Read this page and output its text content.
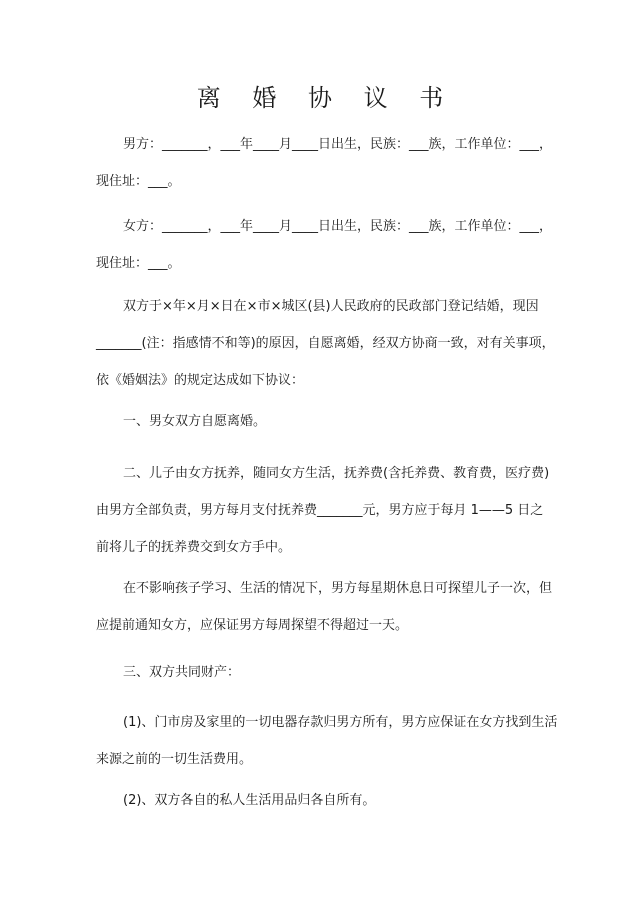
离 婚 协 议 书
男方：_______，___年____月____日出生，民族：___族，工作单位：___，
现住址：___。
女方：_______，___年____月____日出生，民族：___族，工作单位：___，
现住址：___。
双方于×年×月×日在×市×城区(县)人民政府的民政部门登记结婚，现因
_______(注：指感情不和等)的原因，自愿离婚，经双方协商一致，对有关事项，
依《婚姻法》的规定达成如下协议：
一、男女双方自愿离婚。
二、儿子由女方抚养，随同女方生活，抚养费(含托养费、教育费，医疗费)
由男方全部负责，男方每月支付抚养费_______元，男方应于每月 1——5 日之
前将儿子的抚养费交到女方手中。
在不影响孩子学习、生活的情况下，男方每星期休息日可探望儿子一次，但
应提前通知女方，应保证男方每周探望不得超过一天。
三、双方共同财产：
(1)、门市房及家里的一切电器存款归男方所有，男方应保证在女方找到生活
来源之前的一切生活费用。
(2)、双方各自的私人生活用品归各自所有。
